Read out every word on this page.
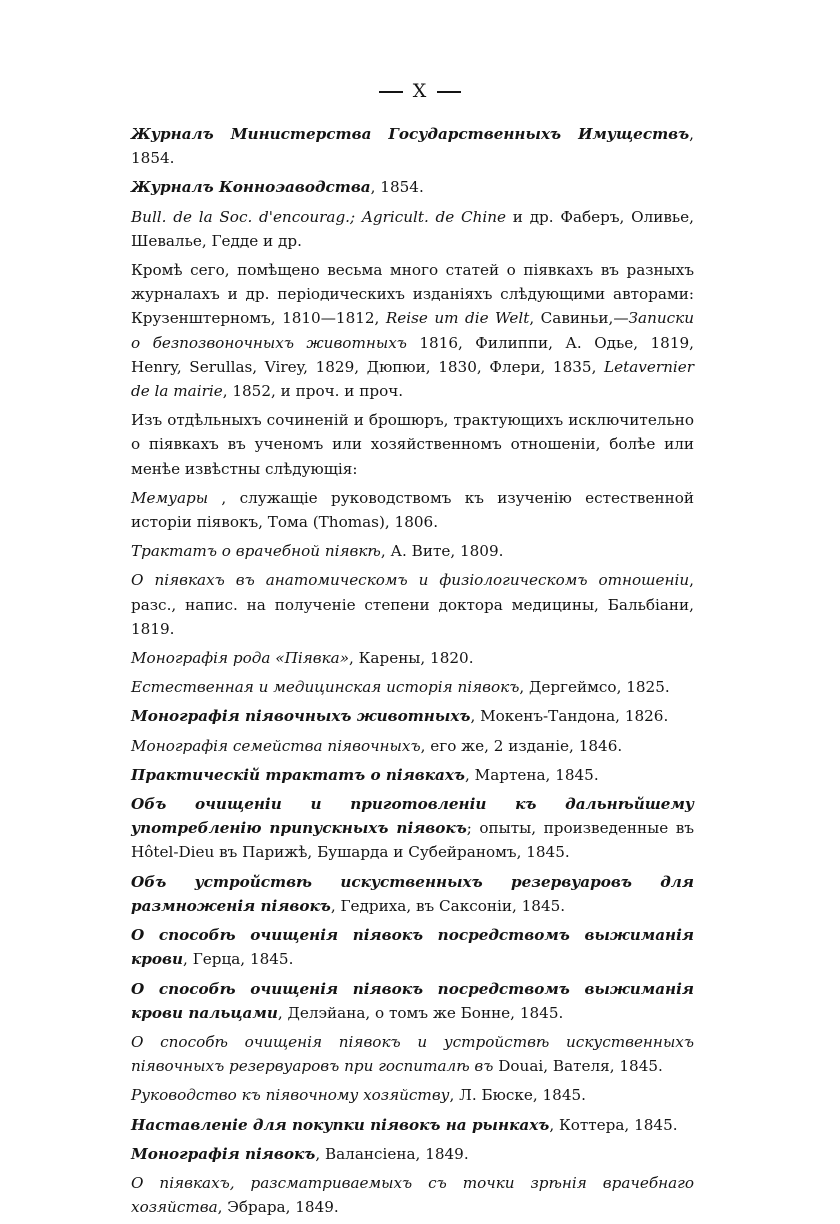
X

Журналъ Министерства Государственныхъ Имуществъ, 1854.

Журналъ Конноэаводства, 1854.

Bull. de la Soc. d'encourag.; Agricult. de Chine и др. Фаберъ, Оливье, Шевалье, Гедде и др.

Кромѣ сего, помѣщено весьма много статей о піявкахъ въ разныхъ журналахъ и др. періодическихъ изданіяхъ слѣдующими авторами: Крузенштерномъ, 1810—1812, Reise um die Welt, Савиньи,—Записки о безпозвоночныхъ животныхъ 1816, Филиппи, А. Одье, 1819, Henry, Serullas, Virey, 1829, Дюпюи, 1830, Флери, 1835, Letavernier de la mairie, 1852, и проч. и проч.

Изъ отдѣльныхъ сочиненій и брошюръ, трактующихъ исключительно о піявкахъ въ ученомъ или хозяйственномъ отношеніи, болѣе или менѣе извѣстны слѣдующія:

Мемуары , служащіе руководствомъ къ изученію естественной исторіи піявокъ, Тома (Thomas), 1806.

Трактатъ о врачебной піявкѣ, А. Вите, 1809.

О піявкахъ въ анатомическомъ и физіологическомъ отношеніи, разс., напис. на полученіе степени доктора медицины, Бальбіани, 1819.

Монографія рода «Піявка», Карены, 1820.

Естественная и медицинская исторія піявокъ, Дергеймсо, 1825.

Монографія піявочныхъ животныхъ, Мокенъ-Тандона, 1826.

Монографія семейства піявочныхъ, его же, 2 изданіе, 1846.

Практическій трактатъ о піявкахъ, Мартена, 1845.

Объ очищеніи и приготовленіи къ дальнѣйшему употребленію припускныхъ піявокъ; опыты, произведенные въ Hôtel-Dieu въ Парижѣ, Бушарда и Субейраномъ, 1845.

Объ устройствѣ искуственныхъ резервуаровъ для размноженія піявокъ, Гедриха, въ Саксоніи, 1845.

О способѣ очищенія піявокъ посредствомъ выжиманія крови, Герца, 1845.

О способѣ очищенія піявокъ посредствомъ выжиманія крови пальцами, Делэйана, о томъ же Бонне, 1845.

О способѣ очищенія піявокъ и устройствѣ искуственныхъ піявочныхъ резервуаровъ при госпиталѣ въ Douai, Вателя, 1845.

Руководство къ піявочному хозяйству, Л. Бюске, 1845.

Наставленіе для покупки піявокъ на рынкахъ, Коттера, 1845.

Монографія піявокъ, Валансіена, 1849.

О піявкахъ, разсматриваемыхъ съ точки зрѣнія врачебнаго хозяйства, Эбрара, 1849.
